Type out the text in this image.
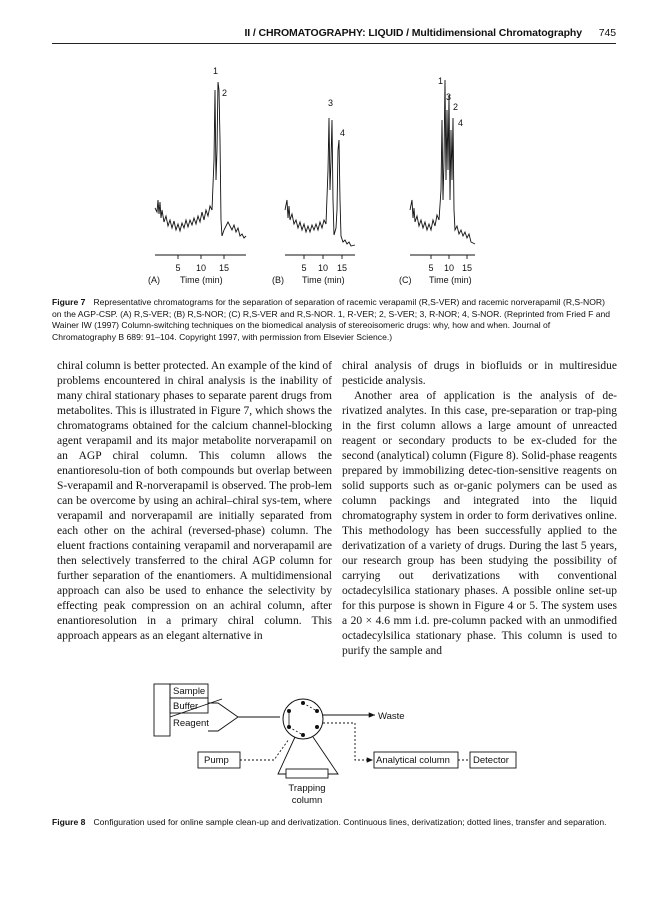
II / CHROMATOGRAPHY: LIQUID / Multidimensional Chromatography 745
5 10 15
(A) Time (min)
1
2
5 10 15
(B) Time (min)
3
4
5 10 15
(C) Time (min)
1
3
2
4
Figure 7 Representative chromatograms for the separation of separation of racemic verapamil (R,S-VER) and racemic norverapamil (R,S-NOR) on the AGP-CSP. (A) R,S-VER; (B) R,S-NOR; (C) R,S-VER and R,S-NOR. 1, R-VER; 2, S-VER; 3, R-NOR; 4, S-NOR. (Reprinted from Fried F and Wainer IW (1997) Column-switching techniques on the biomedical analysis of stereoisomeric drugs: why, how and when. Journal of Chromatography B 689: 91–104. Copyright 1997, with permission from Elsevier Science.)

chiral column is better protected. An example of the kind of problems encountered in chiral analysis is the inability of many chiral stationary phases to separate parent drugs from metabolites. This is illustrated in Figure 7, which shows the chromatograms obtained for the calcium channel-blocking agent verapamil and its major metabolite norverapamil on an AGP chiral column. This column allows the enantioresolu-tion of both compounds but overlap between S-verapamil and R-norverapamil is observed. The prob-lem can be overcome by using an achiral–chiral sys-tem, where verapamil and norverapamil are initially separated from each other on the achiral (reversed-phase) column. The eluent fractions containing verapamil and norverapamil are then selectively transferred to the chiral AGP column for further separation of the enantiomers. A multidimensional approach can also be used to enhance the selectivity by effecting peak compression on an achiral column, after enantioresolution in a primary chiral column. This approach appears as an elegant alternative in

chiral analysis of drugs in biofluids or in multiresidue pesticide analysis.

Another area of application is the analysis of de-rivatized analytes. In this case, pre-separation or trap-ping in the first column allows a large amount of unreacted reagent or secondary products to be ex-cluded for the second (analytical) column (Figure 8). Solid-phase reagents prepared by immobilizing detec-tion-sensitive reagents on solid supports such as or-ganic polymers can be used as column packings and integrated into the liquid chromatography system in order to form derivatives online. This methodology has been successfully applied to the derivatization of a variety of drugs. During the last 5 years, our research group has been studying the possibility of carrying out derivatizations with conventional octadecylsilica stationary phases. A possible online set-up for this purpose is shown in Figure 4 or 5. The system uses a 20 × 4.6 mm i.d. pre-column packed with an unmodified octadecylsilica stationary phase. This column is used to purify the sample and

Sample
Buffer
Reagent
Waste
Pump	Analytical column Detector
Trapping
column
Figure 8 Configuration used for online sample clean-up and derivatization. Continuous lines, derivatization; dotted lines, transfer and separation.
